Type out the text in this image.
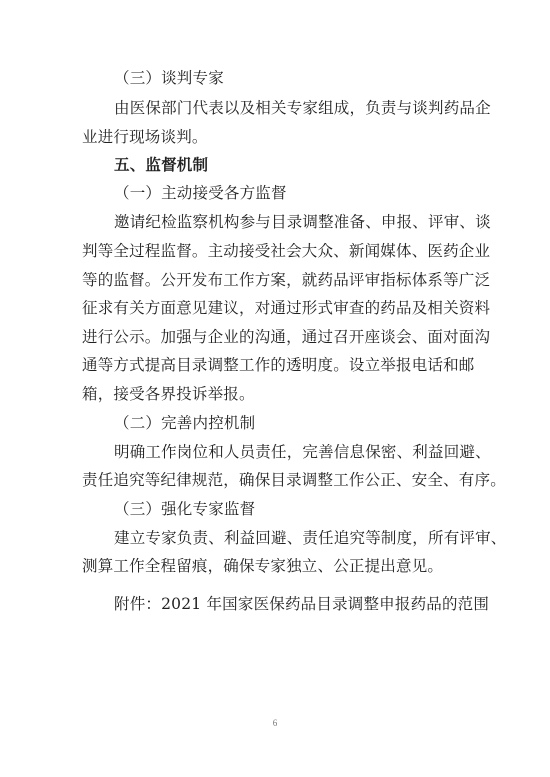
（三）谈判专家
由医保部门代表以及相关专家组成，负责与谈判药品企
业进行现场谈判。
五、监督机制
（一）主动接受各方监督
邀请纪检监察机构参与目录调整准备、申报、评审、谈
判等全过程监督。主动接受社会大众、新闻媒体、医药企业
等的监督。公开发布工作方案，就药品评审指标体系等广泛
征求有关方面意见建议，对通过形式审查的药品及相关资料
进行公示。加强与企业的沟通，通过召开座谈会、面对面沟
通等方式提高目录调整工作的透明度。设立举报电话和邮
箱，接受各界投诉举报。
（二）完善内控机制
明确工作岗位和人员责任，完善信息保密、利益回避、
责任追究等纪律规范，确保目录调整工作公正、安全、有序。
（三）强化专家监督
建立专家负责、利益回避、责任追究等制度，所有评审、
测算工作全程留痕，确保专家独立、公正提出意见。
附件：2021 年国家医保药品目录调整申报药品的范围
6
